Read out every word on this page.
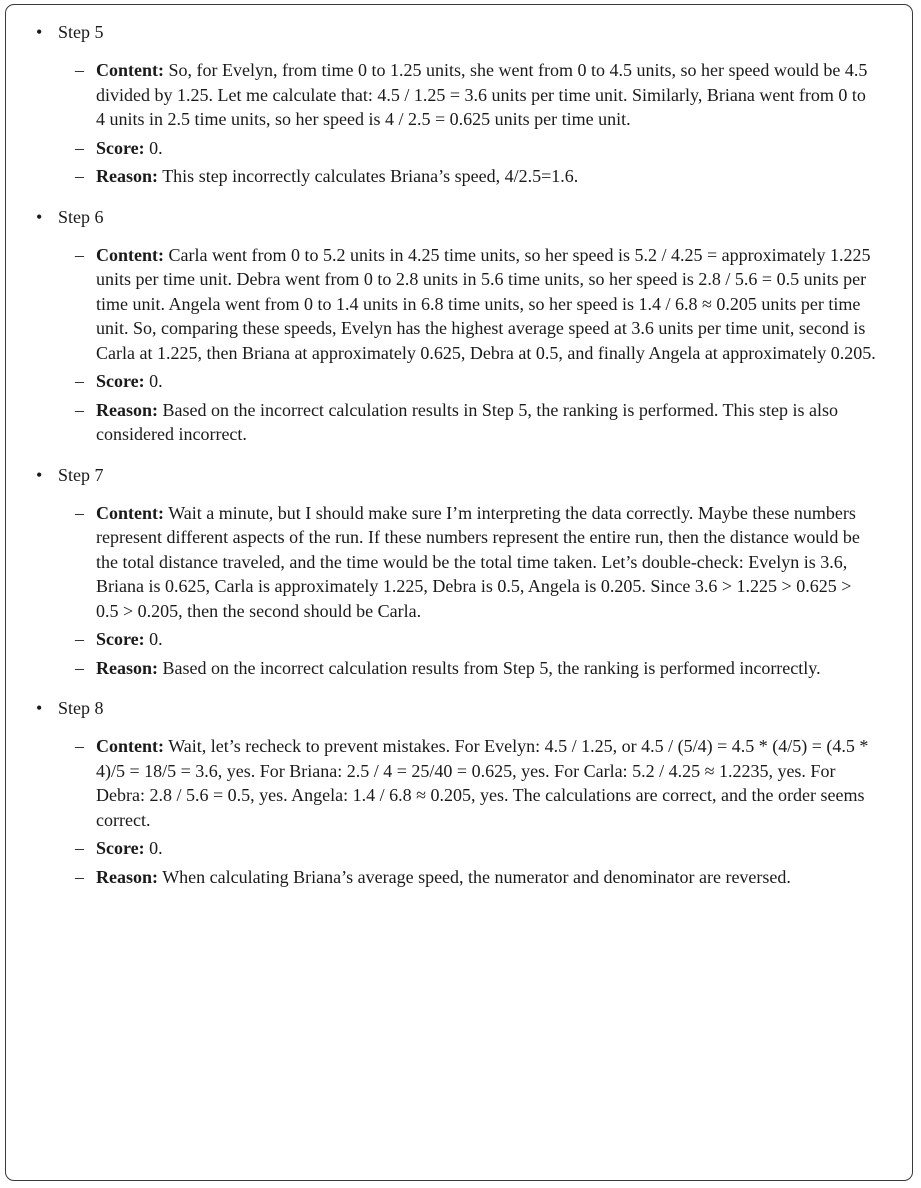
• Step 5
– Content: So, for Evelyn, from time 0 to 1.25 units, she went from 0 to 4.5 units, so her speed would be 4.5 divided by 1.25. Let me calculate that: 4.5 / 1.25 = 3.6 units per time unit. Similarly, Briana went from 0 to 4 units in 2.5 time units, so her speed is 4 / 2.5 = 0.625 units per time unit.
– Score: 0.
– Reason: This step incorrectly calculates Briana’s speed, 4/2.5=1.6.
• Step 6
– Content: Carla went from 0 to 5.2 units in 4.25 time units, so her speed is 5.2 / 4.25 = approximately 1.225 units per time unit. Debra went from 0 to 2.8 units in 5.6 time units, so her speed is 2.8 / 5.6 = 0.5 units per time unit. Angela went from 0 to 1.4 units in 6.8 time units, so her speed is 1.4 / 6.8 ≈ 0.205 units per time unit. So, comparing these speeds, Evelyn has the highest average speed at 3.6 units per time unit, second is Carla at 1.225, then Briana at approximately 0.625, Debra at 0.5, and finally Angela at approximately 0.205.
– Score: 0.
– Reason: Based on the incorrect calculation results in Step 5, the ranking is performed. This step is also considered incorrect.
• Step 7
– Content: Wait a minute, but I should make sure I’m interpreting the data correctly. Maybe these numbers represent different aspects of the run. If these numbers represent the entire run, then the distance would be the total distance traveled, and the time would be the total time taken. Let’s double-check: Evelyn is 3.6, Briana is 0.625, Carla is approximately 1.225, Debra is 0.5, Angela is 0.205. Since 3.6 > 1.225 > 0.625 > 0.5 > 0.205, then the second should be Carla.
– Score: 0.
– Reason: Based on the incorrect calculation results from Step 5, the ranking is performed incorrectly.
• Step 8
– Content: Wait, let’s recheck to prevent mistakes. For Evelyn: 4.5 / 1.25, or 4.5 / (5/4) = 4.5 * (4/5) = (4.5 * 4)/5 = 18/5 = 3.6, yes. For Briana: 2.5 / 4 = 25/40 = 0.625, yes. For Carla: 5.2 / 4.25 ≈ 1.2235, yes. For Debra: 2.8 / 5.6 = 0.5, yes. Angela: 1.4 / 6.8 ≈ 0.205, yes. The calculations are correct, and the order seems correct.
– Score: 0.
– Reason: When calculating Briana’s average speed, the numerator and denominator are reversed.
